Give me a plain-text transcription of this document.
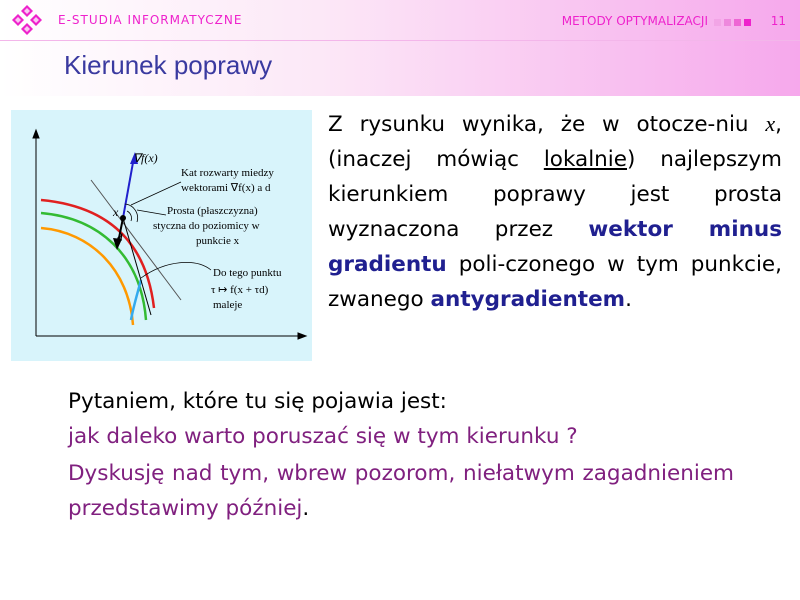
E-STUDIA INFORMATYCZNE	METODY OPTYMALIZACJI	11
Kierunek poprawy
∇f(x)
Kat rozwarty miedzy
wektorami ∇f(x) a d
x
d
Prosta (płaszczyzna)
styczna do poziomicy w
punkcie x
Do tego punktu
τ ↦ f(x + τd)
maleje
Z rysunku wynika, że w otocze-niu x, (inaczej mówiąc lokalnie) najlepszym kierunkiem poprawy jest prosta wyznaczona przez wektor minus gradientu poli-czonego w tym punkcie, zwanego antygradientem.
Pytaniem, które tu się pojawia jest:
jak daleko warto poruszać się w tym kierunku ?
Dyskusję nad tym, wbrew pozorom, niełatwym zagadnieniem przedstawimy później.
